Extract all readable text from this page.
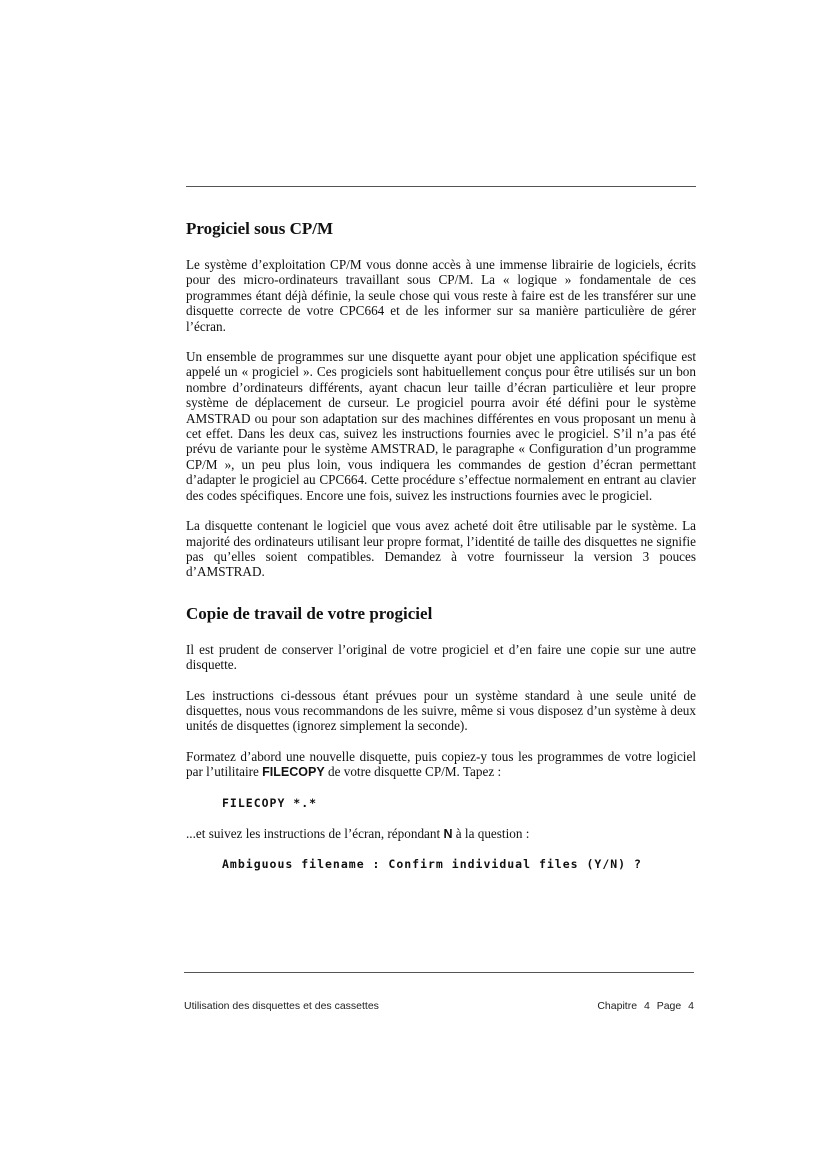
Progiciel sous CP/M

Le système d’exploitation CP/M vous donne accès à une immense librairie de logiciels, écrits pour des micro-ordinateurs travaillant sous CP/M. La « logique » fondamentale de ces programmes étant déjà définie, la seule chose qui vous reste à faire est de les transférer sur une disquette correcte de votre CPC664 et de les informer sur sa manière particulière de gérer l’écran.

Un ensemble de programmes sur une disquette ayant pour objet une application spécifique est appelé un « progiciel ». Ces progiciels sont habituellement conçus pour être utilisés sur un bon nombre d’ordinateurs différents, ayant chacun leur taille d’écran particulière et leur propre système de déplacement de curseur. Le progiciel pourra avoir été défini pour le système AMSTRAD ou pour son adaptation sur des machines différentes en vous proposant un menu à cet effet. Dans les deux cas, suivez les instructions fournies avec le progiciel. S’il n’a pas été prévu de variante pour le système AMSTRAD, le paragraphe « Configuration d’un programme CP/M », un peu plus loin, vous indiquera les commandes de gestion d’écran permettant d’adapter le progiciel au CPC664. Cette procédure s’effectue normalement en entrant au clavier des codes spécifiques. Encore une fois, suivez les instructions fournies avec le progiciel.

La disquette contenant le logiciel que vous avez acheté doit être utilisable par le système. La majorité des ordinateurs utilisant leur propre format, l’identité de taille des disquettes ne signifie pas qu’elles soient compatibles. Demandez à votre fournisseur la version 3 pouces d’AMSTRAD.

Copie de travail de votre progiciel

Il est prudent de conserver l’original de votre progiciel et d’en faire une copie sur une autre disquette.

Les instructions ci-dessous étant prévues pour un système standard à une seule unité de disquettes, nous vous recommandons de les suivre, même si vous disposez d’un système à deux unités de disquettes (ignorez simplement la seconde).

Formatez d’abord une nouvelle disquette, puis copiez-y tous les programmes de votre logiciel par l’utilitaire FILECOPY de votre disquette CP/M. Tapez :

FILECOPY *.*

...et suivez les instructions de l’écran, répondant N à la question :

Ambiguous filename : Confirm individual files (Y/N) ?
Utilisation des disquettes et des cassettes	Chapitre 4 Page 4
